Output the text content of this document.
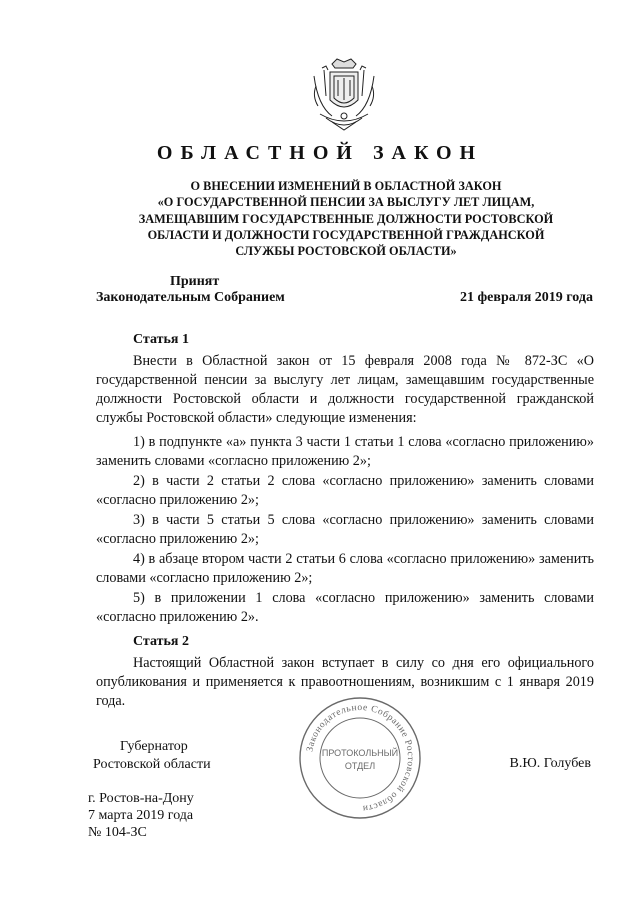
ОБЛАСТНОЙ ЗАКОН
О ВНЕСЕНИИ ИЗМЕНЕНИЙ В ОБЛАСТНОЙ ЗАКОН
«О ГОСУДАРСТВЕННОЙ ПЕНСИИ ЗА ВЫСЛУГУ ЛЕТ ЛИЦАМ,
ЗАМЕЩАВШИМ ГОСУДАРСТВЕННЫЕ ДОЛЖНОСТИ РОСТОВСКОЙ
ОБЛАСТИ И ДОЛЖНОСТИ ГОСУДАРСТВЕННОЙ ГРАЖДАНСКОЙ
СЛУЖБЫ РОСТОВСКОЙ ОБЛАСТИ»
Принят
Законодательным Собранием	21 февраля 2019 года
Статья 1

Внести в Областной закон от 15 февраля 2008 года № 872-ЗС «О государственной пенсии за выслугу лет лицам, замещавшим государственные должности Ростовской области и должности государственной гражданской службы Ростовской области» следующие изменения:

1) в подпункте «а» пункта 3 части 1 статьи 1 слова «согласно приложению» заменить словами «согласно приложению 2»;

2) в части 2 статьи 2 слова «согласно приложению» заменить словами «согласно приложению 2»;

3) в части 5 статьи 5 слова «согласно приложению» заменить словами «согласно приложению 2»;

4) в абзаце втором части 2 статьи 6 слова «согласно приложению» заменить словами «согласно приложению 2»;

5) в приложении 1 слова «согласно приложению» заменить словами «согласно приложению 2».

Статья 2

Настоящий Областной закон вступает в силу со дня его официального опубликования и применяется к правоотношениям, возникшим с 1 января 2019 года.

Губернатор
Ростовской области	В.Ю. Голубев
г. Ростов-на-Дону
7 марта 2019 года
№ 104-ЗС
Законодательное Собрание Ростовской области
ПРОТОКОЛЬНЫЙ
ОТДЕЛ
